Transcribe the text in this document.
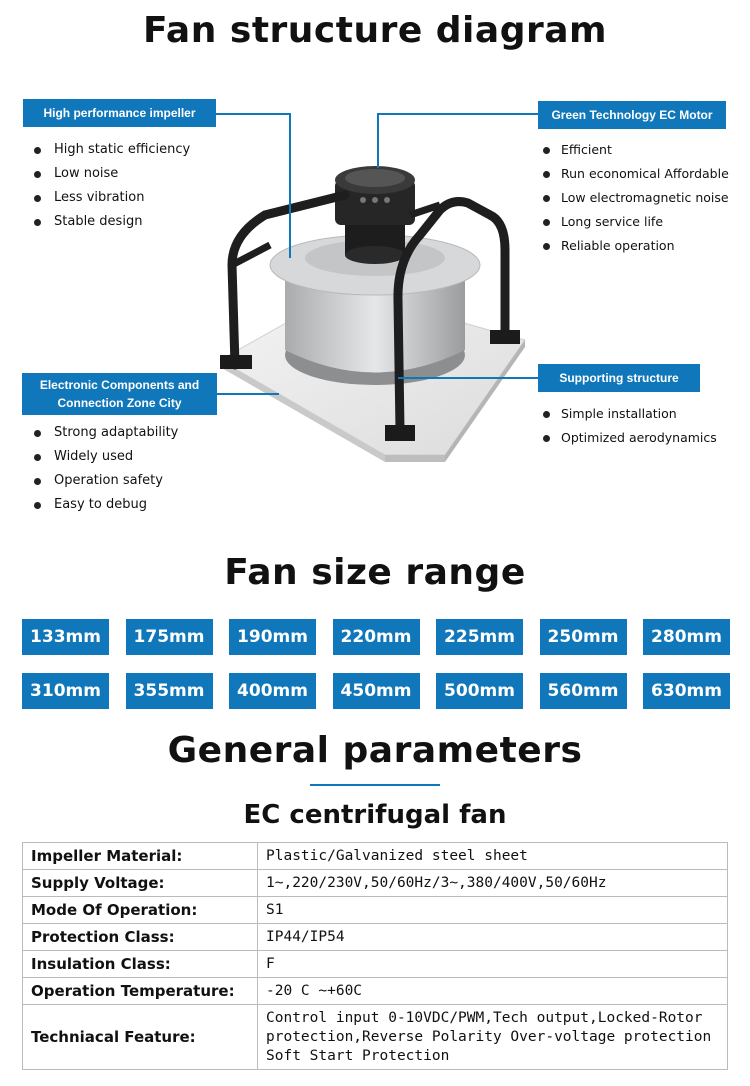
Fan structure diagram
High performance impeller
High static efficiency
Low noise
Less vibration
Stable design
Green Technology EC Motor
Efficient
Run economical Affordable
Low electromagnetic noise
Long service life
Reliable operation
Electronic Components and
Connection Zone City
Strong adaptability
Widely used
Operation safety
Easy to debug
Supporting structure
Simple installation
Optimized aerodynamics
Fan size range
133mm	175mm	190mm	220mm	225mm	250mm	280mm
310mm	355mm	400mm	450mm	500mm	560mm	630mm
General parameters
EC centrifugal fan
Impeller Material:	Plastic/Galvanized steel sheet
Supply Voltage:	1~,220/230V,50/60Hz/3~,380/400V,50/60Hz
Mode Of Operation:	S1
Protection Class:	IP44/IP54
Insulation Class:	F
Operation Temperature:	-20 C ~+60C
Techniacal Feature:	Control input 0-10VDC/PWM,Tech output,Locked-Rotor protection,Reverse Polarity Over-voltage protection Soft Start Protection
